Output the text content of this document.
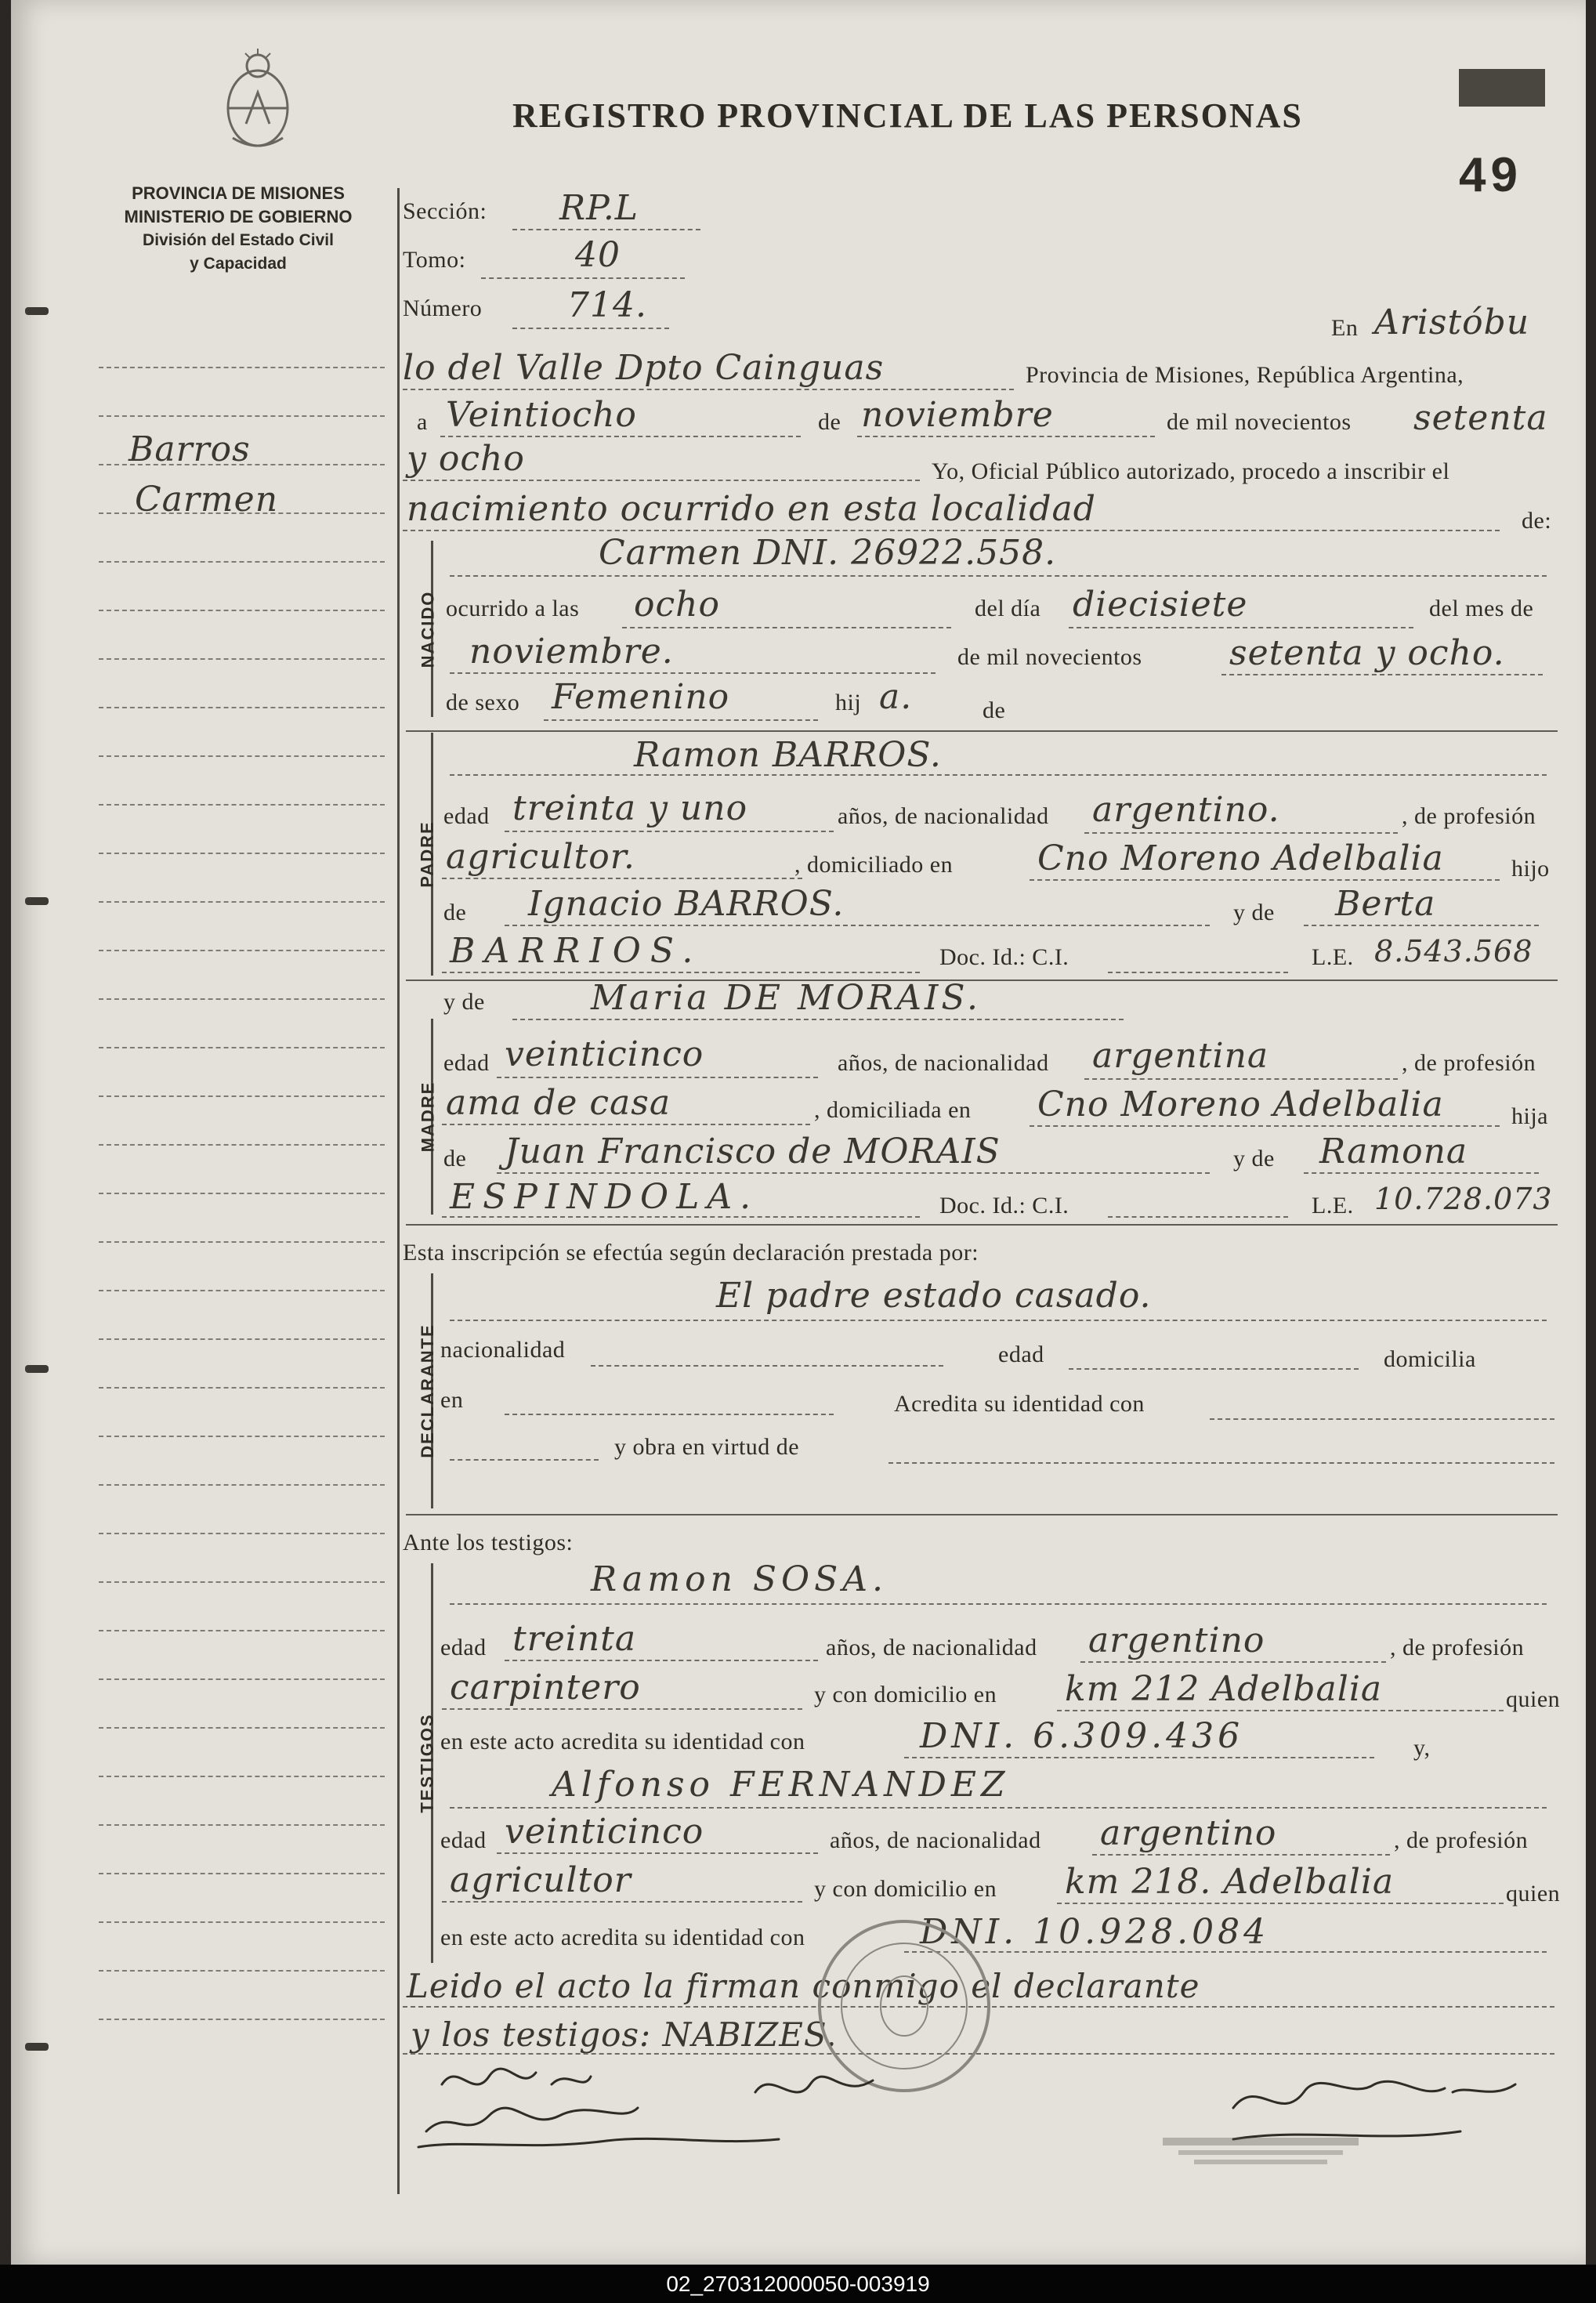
REGISTRO PROVINCIAL DE LAS PERSONAS
49
PROVINCIA DE MISIONES
MINISTERIO DE GOBIERNO
División del Estado Civil
y Capacidad
Barros
Carmen
Sección: RP.L
Tomo:	40
Número 714.
En Aristóbu
lo del Valle Dpto Cainguas	Provincia de Misiones, República Argentina,
a Veintiocho	de noviembre	de mil novecientos setenta
y ocho	Yo, Oficial Público autorizado, procedo a inscribir el
nacimiento ocurrido en esta localidad	de:
NACIDO
Carmen DNI. 26922.558.
ocurrido a las ocho	del día diecisiete	del mes de
noviembre.	de mil novecientos	setenta y ocho.
de sexo Femenino	hij a.	de
PADRE
Ramon BARROS.
edad treinta y uno	años, de nacionalidad argentino.	, de profesión
agricultor.	, domiciliado en Cno Moreno Adelbalia	hijo
de Ignacio BARROS.	y de Berta
BARRIOS.	Doc. Id.: C.I.	L.E. 8.543.568
y de	Maria DE MORAIS.
MADRE
edad veinticinco	años, de nacionalidad argentina	, de profesión
ama de casa	, domiciliada en Cno Moreno Adelbalia	hija
de Juan Francisco de MORAIS	y de Ramona
ESPINDOLA.	Doc. Id.: C.I.	L.E. 10.728.073
Esta inscripción se efectúa según declaración prestada por:
DECLARANTE
El padre estado casado.
nacionalidad	edad	domicilia
en	Acredita su identidad con
y obra en virtud de
Ante los testigos:
TESTIGOS
Ramon SOSA.
edad treinta	años, de nacionalidad argentino	, de profesión
carpintero	y con domicilio en km 212 Adelbalia	quien
en este acto acredita su identidad con	DNI. 6.309.436	y,
Alfonso FERNANDEZ
edad veinticinco	años, de nacionalidad argentino	, de profesión
agricultor	y con domicilio en km 218. Adelbalia	quien
en este acto acredita su identidad con	DNI. 10.928.084
Leido el acto la firman conmigo el declarante
y los testigos: NABIZES.
02_270312000050-003919
